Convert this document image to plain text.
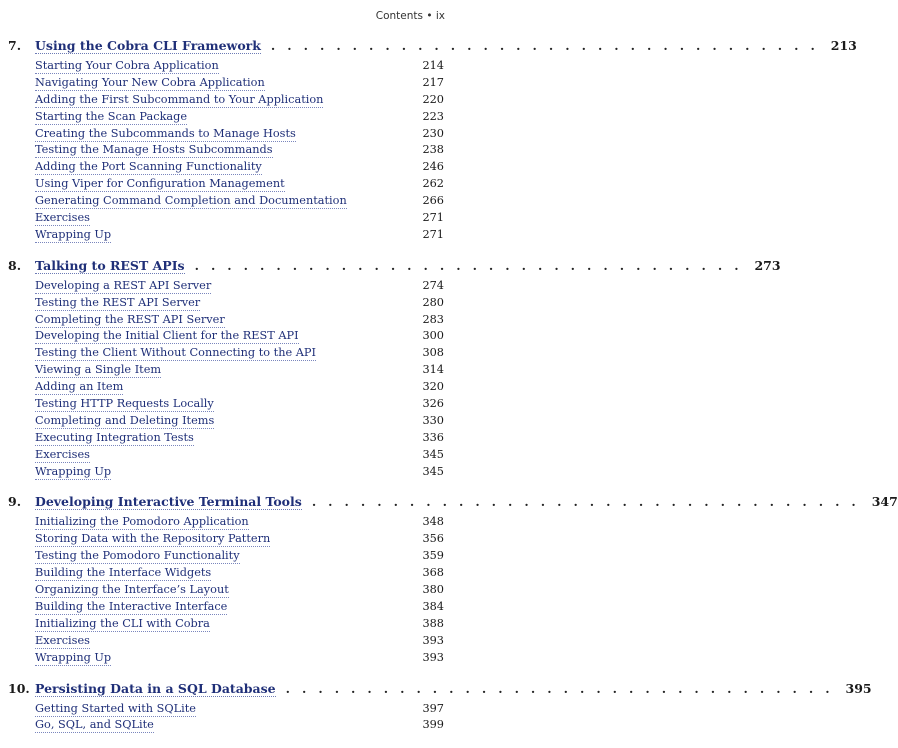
Contents • ix
7.	Using the Cobra CLI Framework .................................. 213
Starting Your Cobra Application	214
Navigating Your New Cobra Application	217
Adding the First Subcommand to Your Application	220
Starting the Scan Package	223
Creating the Subcommands to Manage Hosts	230
Testing the Manage Hosts Subcommands	238
Adding the Port Scanning Functionality	246
Using Viper for Configuration Management	262
Generating Command Completion and Documentation	266
Exercises	271
Wrapping Up	271
8.	Talking to REST APIs .................................. 273
Developing a REST API Server	274
Testing the REST API Server	280
Completing the REST API Server	283
Developing the Initial Client for the REST API	300
Testing the Client Without Connecting to the API	308
Viewing a Single Item	314
Adding an Item	320
Testing HTTP Requests Locally	326
Completing and Deleting Items	330
Executing Integration Tests	336
Exercises	345
Wrapping Up	345
9.	Developing Interactive Terminal Tools .................................. 347
Initializing the Pomodoro Application	348
Storing Data with the Repository Pattern	356
Testing the Pomodoro Functionality	359
Building the Interface Widgets	368
Organizing the Interface’s Layout	380
Building the Interactive Interface	384
Initializing the CLI with Cobra	388
Exercises	393
Wrapping Up	393
10. Persisting Data in a SQL Database .................................. 395
Getting Started with SQLite	397
Go, SQL, and SQLite	399
